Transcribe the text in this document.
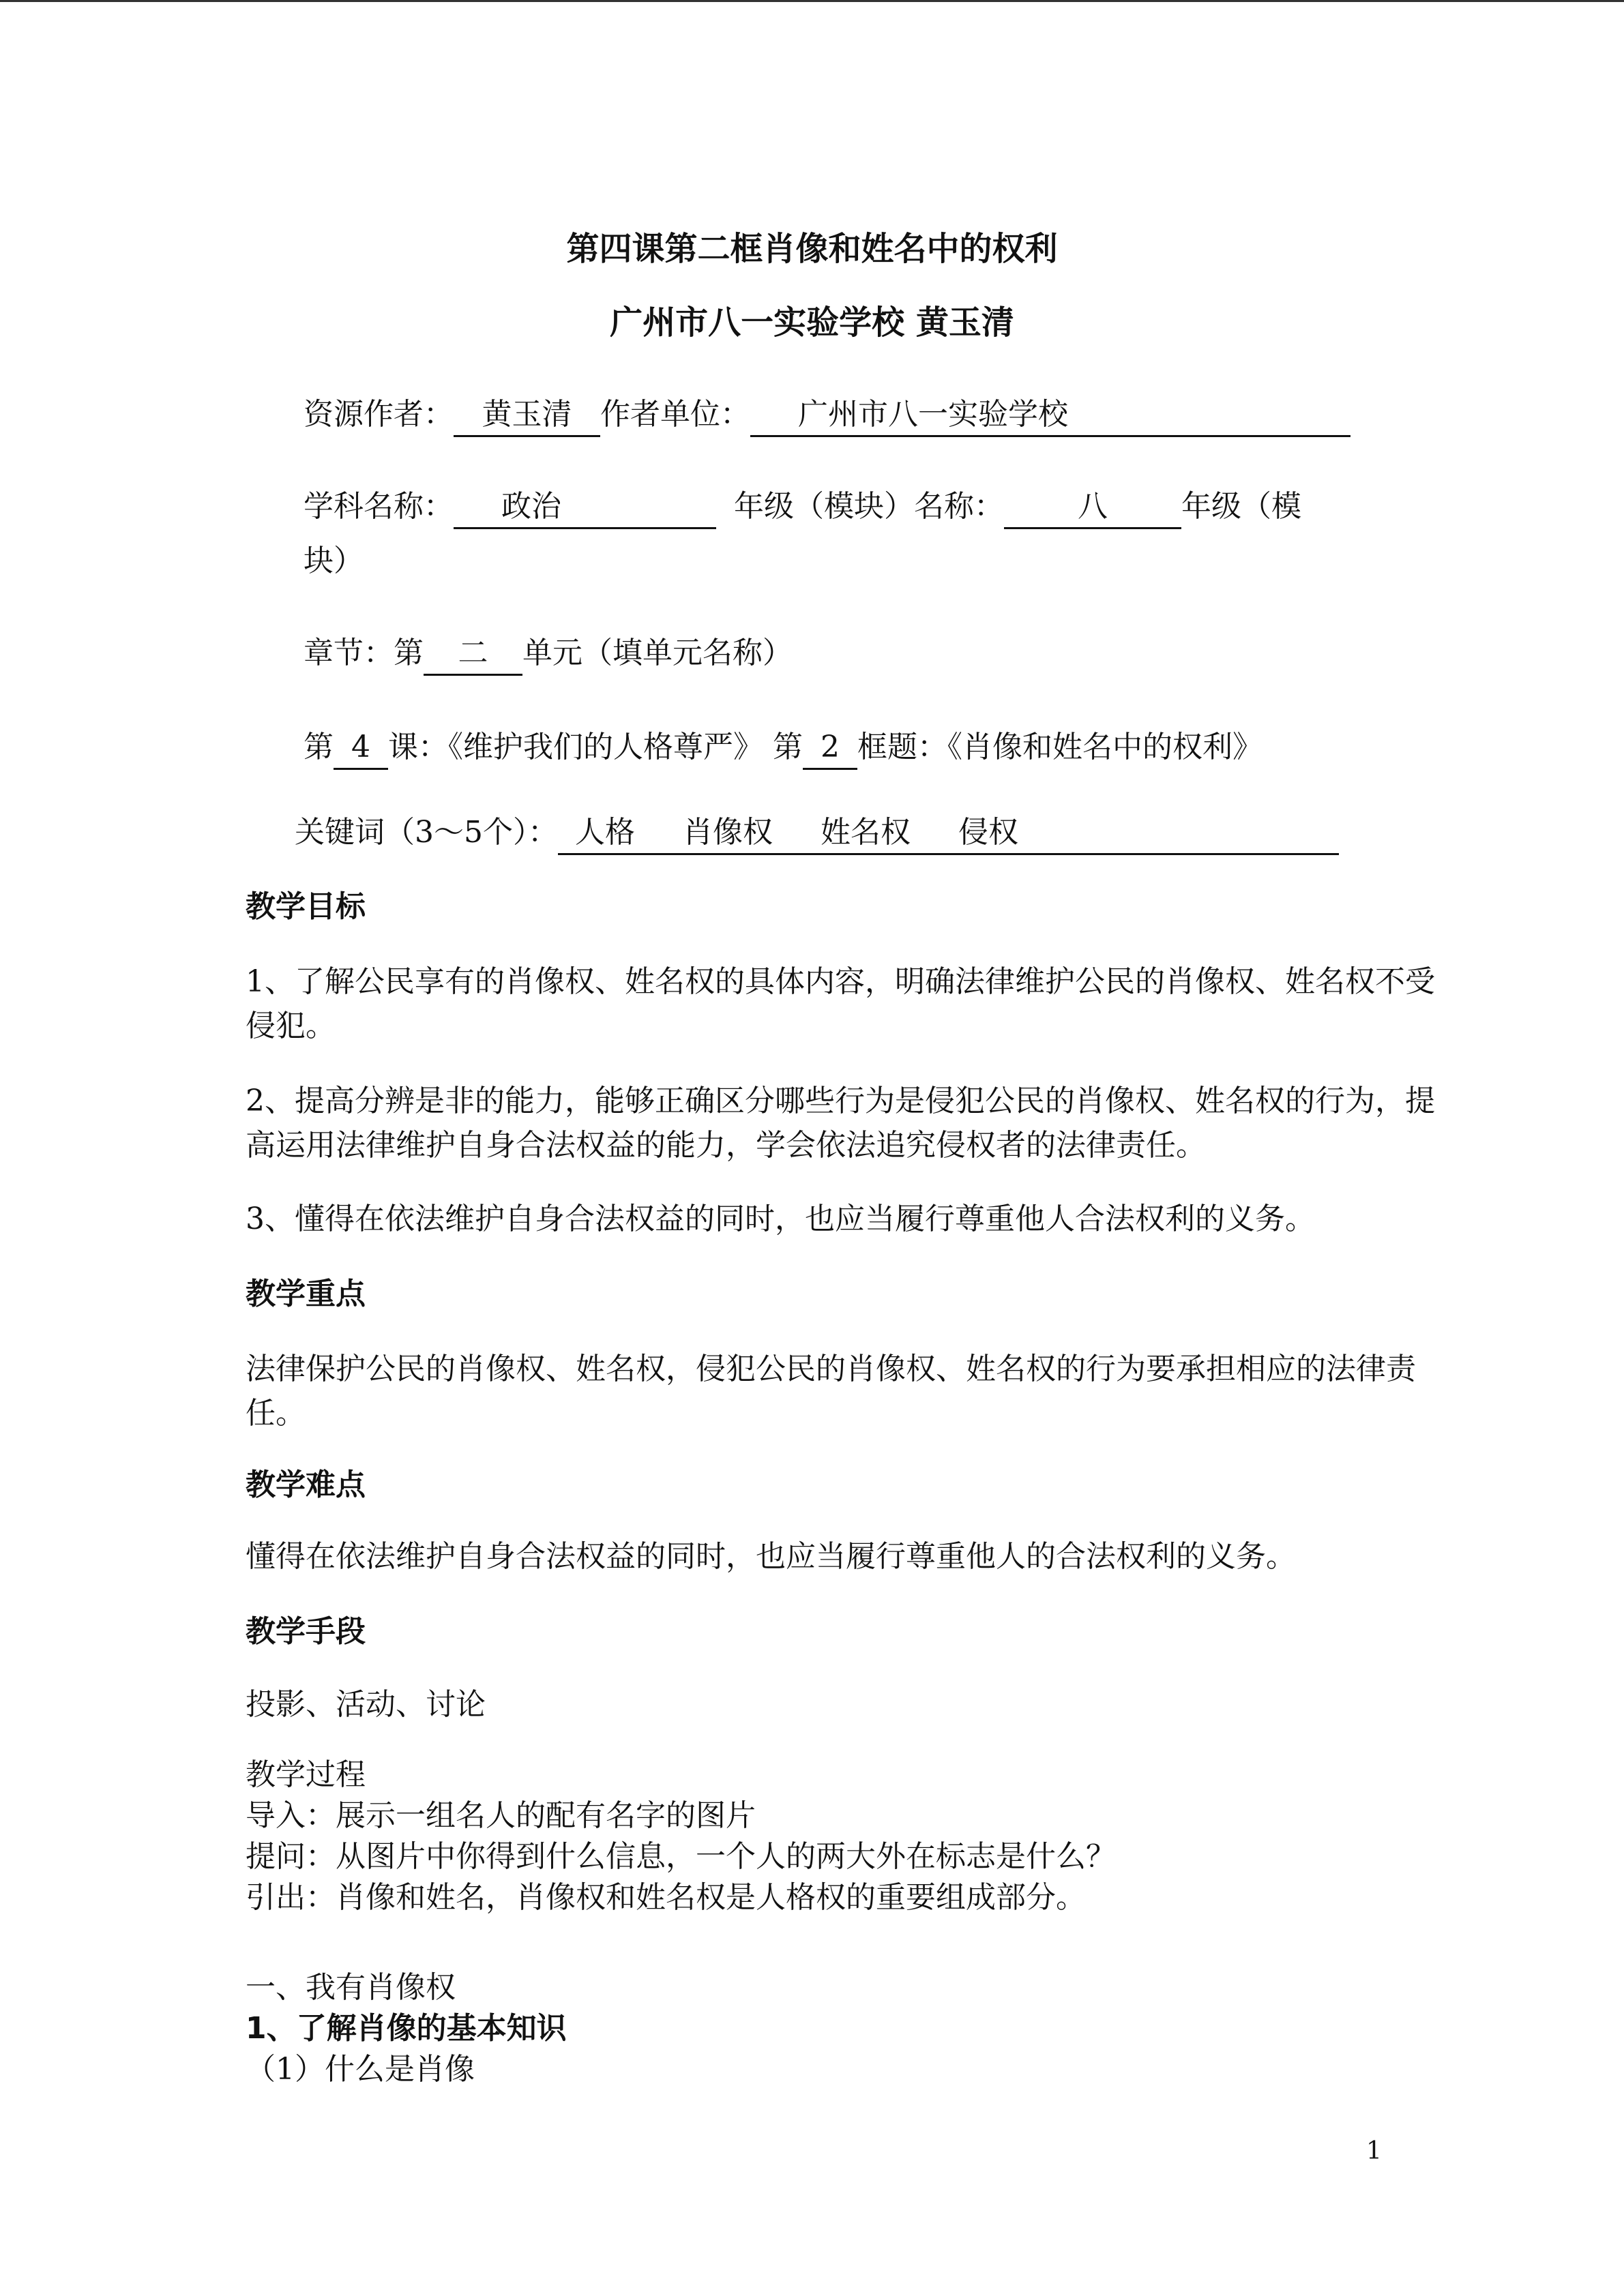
第四课第二框肖像和姓名中的权利
广州市八一实验学校 黄玉清
资源作者： 黄玉清 作者单位： 广州市八一实验学校
学科名称： 政治	年级（模块）名称： 八 年级（模
块）
章节：第 二 单元（填单元名称）
第 4 课：《维护我们的人格尊严》 第 2 框题：《肖像和姓名中的权利》
关键词（3～5个）： 人格 肖像权 姓名权 侵权
教学目标
1、了解公民享有的肖像权、姓名权的具体内容，明确法律维护公民的肖像权、姓名权不受
侵犯。
2、提高分辨是非的能力，能够正确区分哪些行为是侵犯公民的肖像权、姓名权的行为，提
高运用法律维护自身合法权益的能力，学会依法追究侵权者的法律责任。
3、懂得在依法维护自身合法权益的同时，也应当履行尊重他人合法权利的义务。
教学重点
法律保护公民的肖像权、姓名权，侵犯公民的肖像权、姓名权的行为要承担相应的法律责
任。
教学难点
懂得在依法维护自身合法权益的同时，也应当履行尊重他人的合法权利的义务。
教学手段
投影、活动、讨论
教学过程
导入：展示一组名人的配有名字的图片
提问：从图片中你得到什么信息，一个人的两大外在标志是什么？
引出：肖像和姓名，肖像权和姓名权是人格权的重要组成部分。
一、我有肖像权
1、了解肖像的基本知识
（1）什么是肖像
1
